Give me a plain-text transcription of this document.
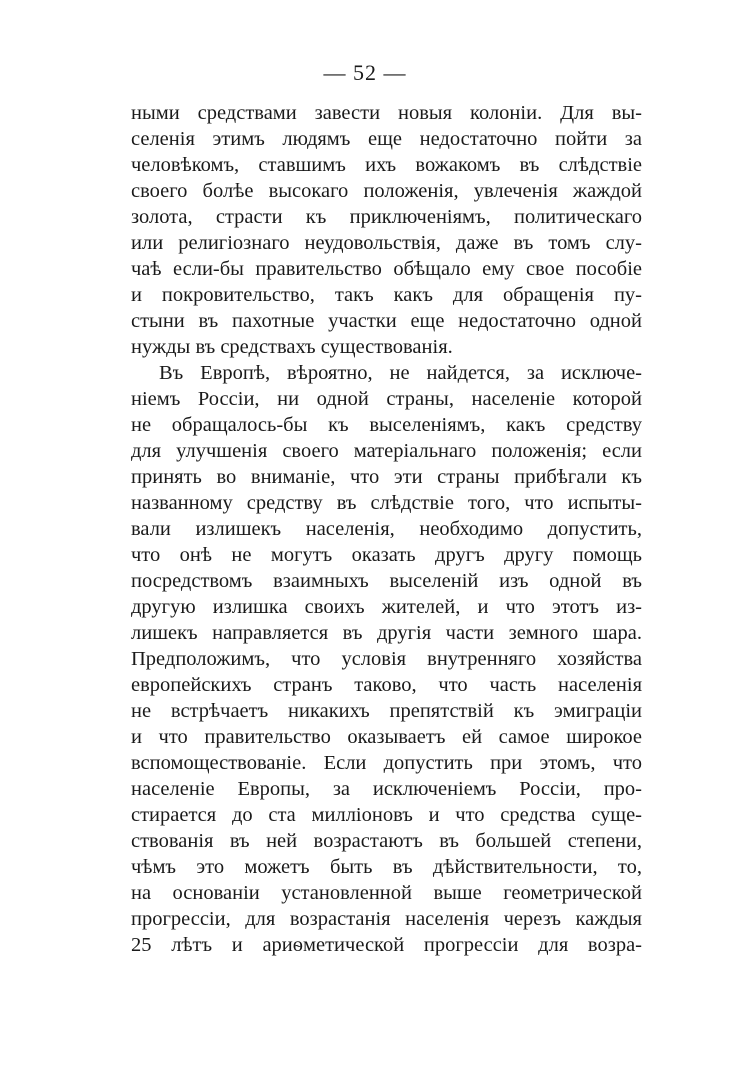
— 52 —
ными средствами завести новыя колоніи. Для вы-
селенія этимъ людямъ еще недостаточно пойти за
человѣкомъ, ставшимъ ихъ вожакомъ въ слѣдствіе
своего болѣе высокаго положенія, увлеченія жаждой
золота, страсти къ приключеніямъ, политическаго
или религіознаго неудовольствія, даже въ томъ слу-
чаѣ если-бы правительство обѣщало ему свое пособіе
и покровительство, такъ какъ для обращенія пу-
стыни въ пахотные участки еще недостаточно одной
нужды въ средствахъ существованія.
Въ Европѣ, вѣроятно, не найдется, за исключе-
ніемъ Россіи, ни одной страны, населеніе которой
не обращалось-бы къ выселеніямъ, какъ средству
для улучшенія своего матеріальнаго положенія; если
принять во вниманіе, что эти страны прибѣгали къ
названному средству въ слѣдствіе того, что испыты-
вали излишекъ населенія, необходимо допустить,
что онѣ не могутъ оказать другъ другу помощь
посредствомъ взаимныхъ выселеній изъ одной въ
другую излишка своихъ жителей, и что этотъ из-
лишекъ направляется въ другія части земного шара.
Предположимъ, что условія внутренняго хозяйства
европейскихъ странъ таково, что часть населенія
не встрѣчаетъ никакихъ препятствій къ эмиграціи
и что правительство оказываетъ ей самое широкое
вспомоществованіе. Если допустить при этомъ, что
населеніе Европы, за исключеніемъ Россіи, про-
стирается до ста милліоновъ и что средства суще-
ствованія въ ней возрастаютъ въ большей степени,
чѣмъ это можетъ быть въ дѣйствительности, то,
на основаніи установленной выше геометрической
прогрессіи, для возрастанія населенія черезъ каждыя
25 лѣтъ и ариѳметической прогрессіи для возра-
